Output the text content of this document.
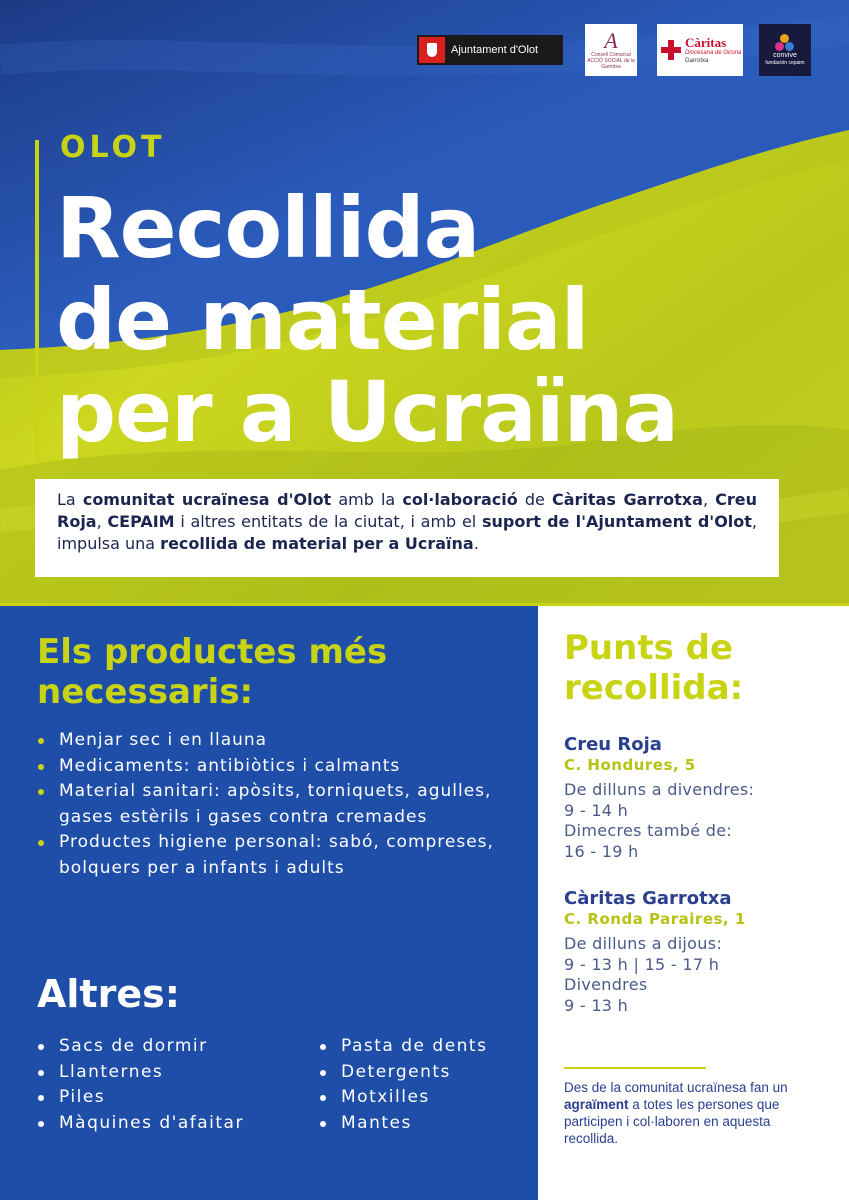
Ajuntament d'Olot	A
Consell Comarcal ACCIÓ SOCIAL de la Garrotxa
Càritas
Diocesana de Girona
Garrotxa
convive
fundación cepaim
OLOT
Recollida
de material
per a Ucraïna
La comunitat ucraïnesa d'Olot amb la col·laboració de Càritas Garrotxa, Creu Roja, CEPAIM i altres entitats de la ciutat, i amb el suport de l'Ajuntament d'Olot, impulsa una recollida de material per a Ucraïna.
Els productes més
necessaris:
Menjar sec i en llauna
Medicaments: antibiòtics i calmants
Material sanitari: apòsits, torniquets, agulles, gases estèrils i gases contra cremades
Productes higiene personal: sabó, compreses, bolquers per a infants i adults
Altres:
Sacs de dormir
Llanternes
Piles
Màquines d'afaitar
Pasta de dents
Detergents
Motxilles
Mantes
Punts de
recollida:
Creu Roja
C. Hondures, 5
De dilluns a divendres:
9 - 14 h
Dimecres també de:
16 - 19 h
Càritas Garrotxa
C. Ronda Paraires, 1
De dilluns a dijous:
9 - 13 h | 15 - 17 h
Divendres
9 - 13 h
Des de la comunitat ucraïnesa fan un agraïment a totes les persones que participen i col·laboren en aquesta recollida.
